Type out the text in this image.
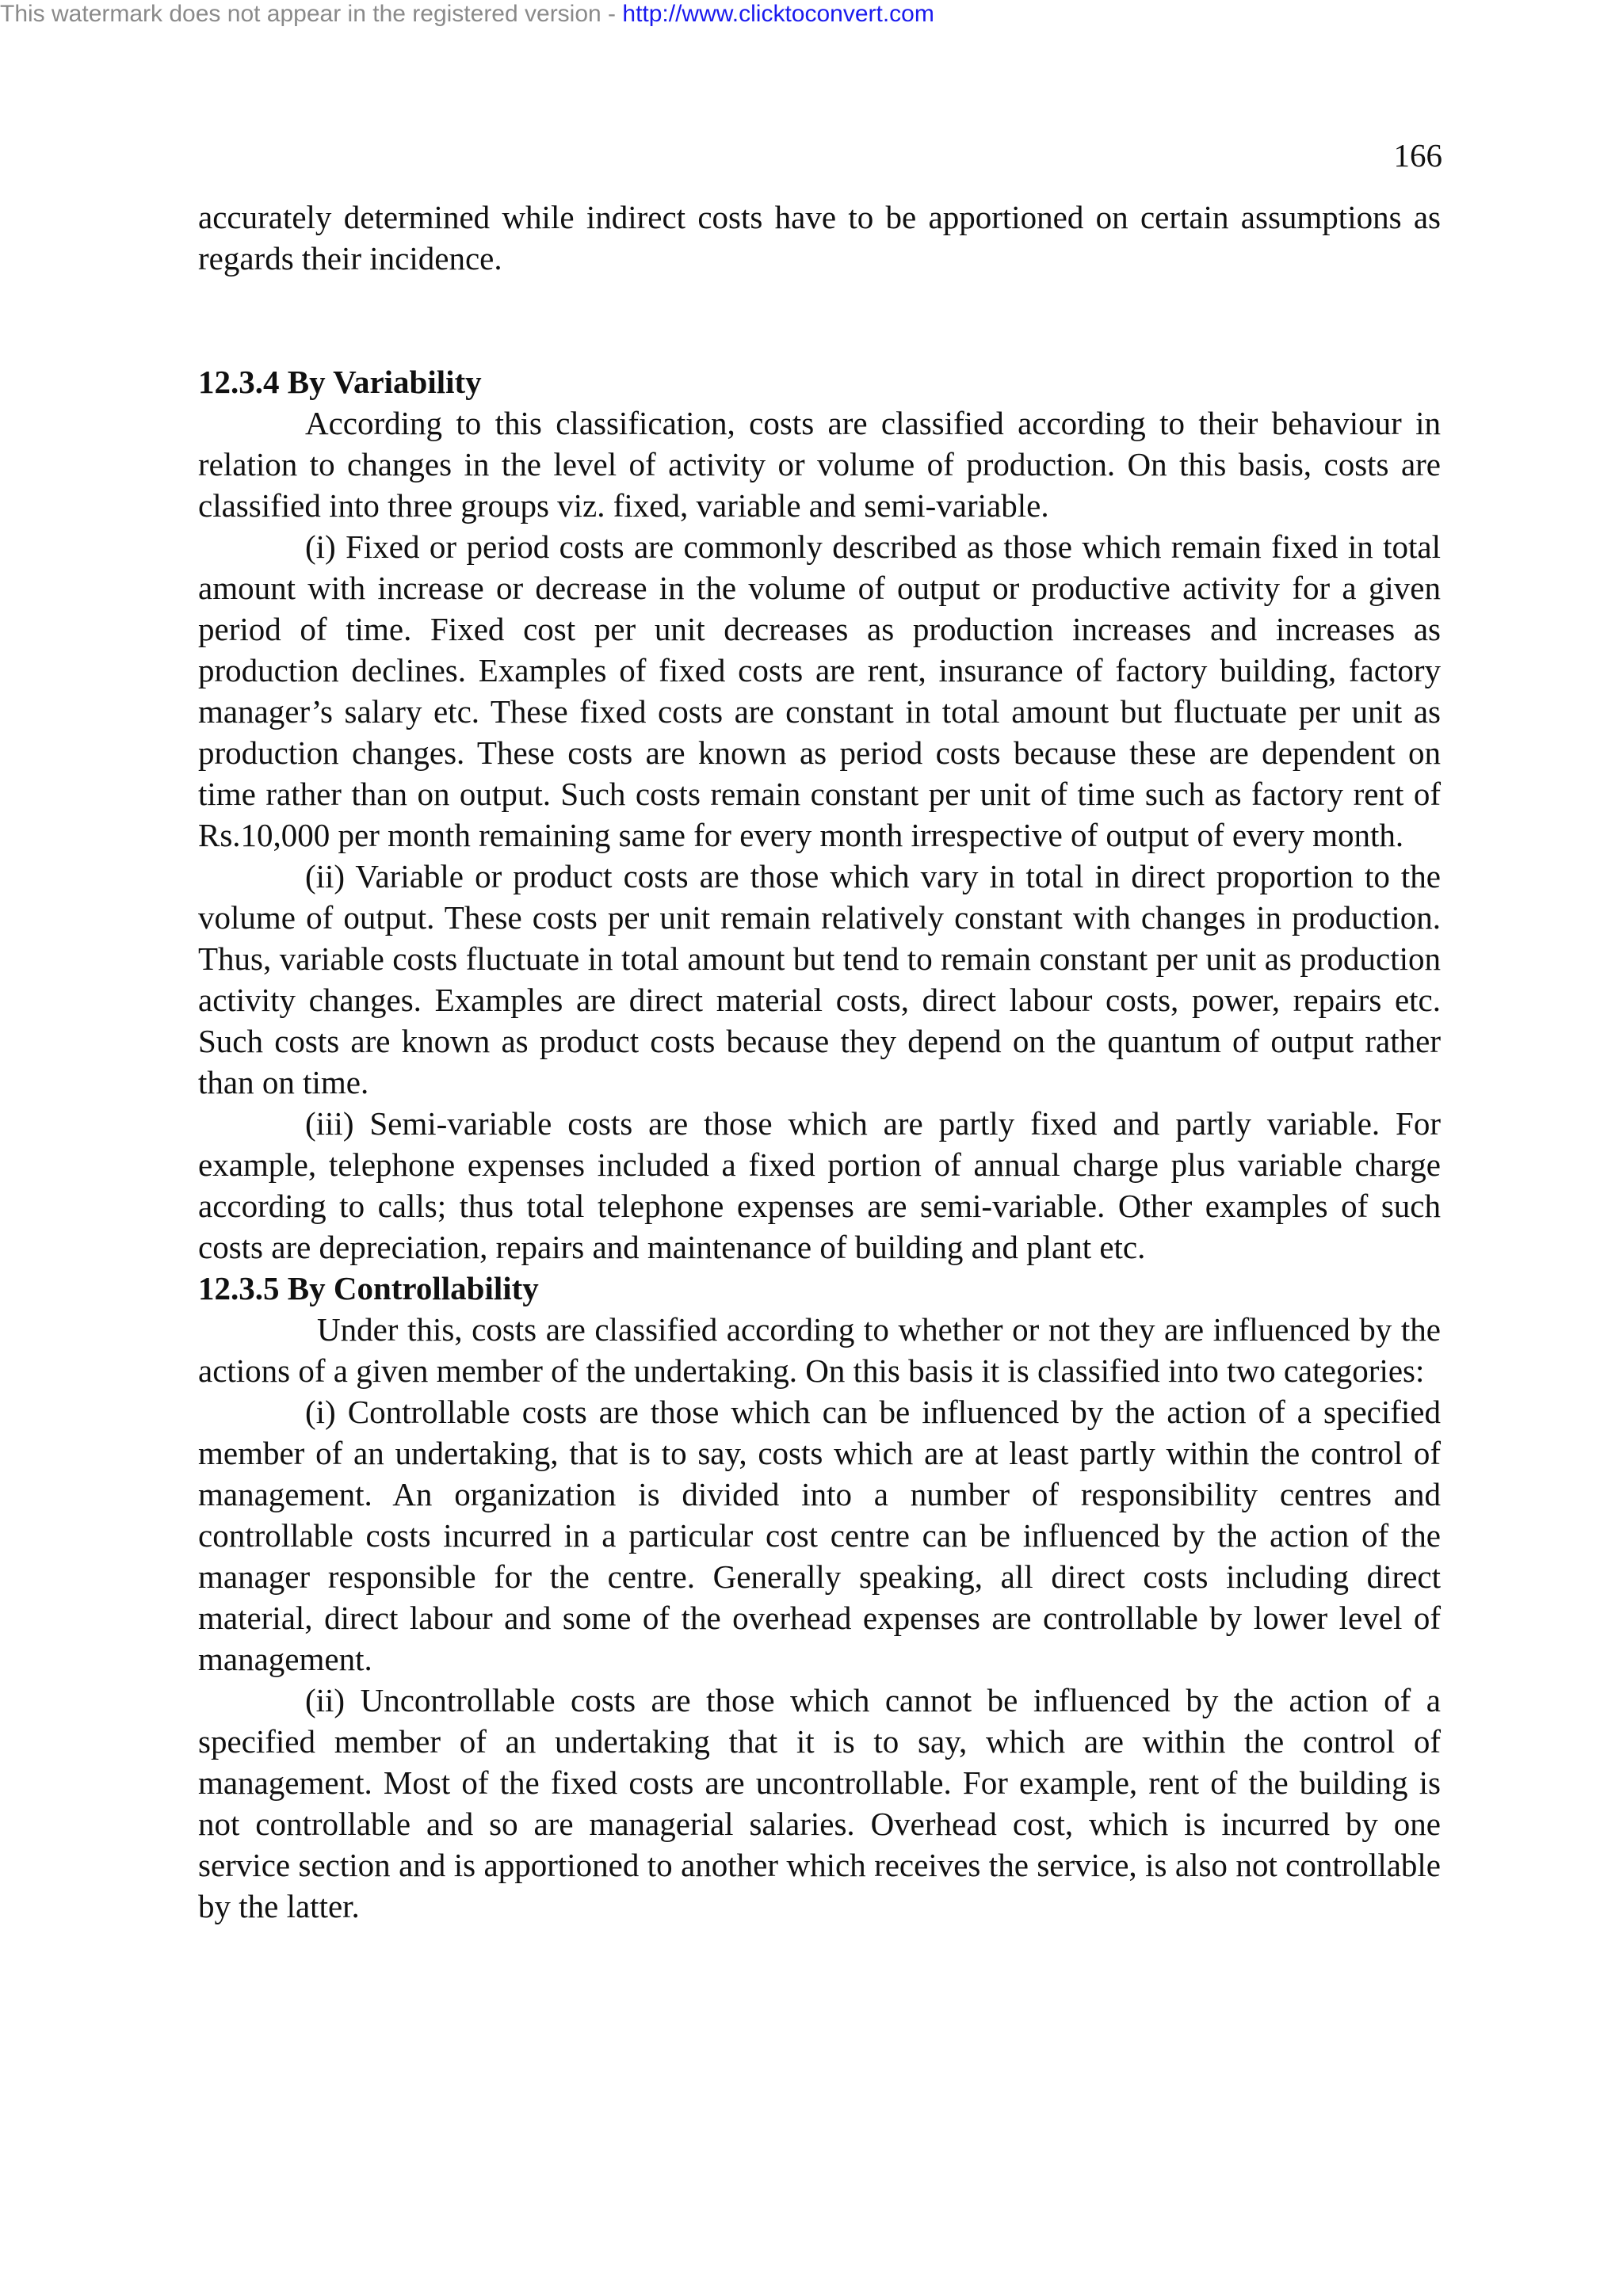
This watermark does not appear in the registered version - http://www.clicktoconvert.com
166

accurately determined while indirect costs have to be apportioned on certain assumptions as regards their incidence.

12.3.4 By Variability

According to this classification, costs are classified according to their behaviour in relation to changes in the level of activity or volume of production. On this basis, costs are classified into three groups viz. fixed, variable and semi-variable.

(i) Fixed or period costs are commonly described as those which remain fixed in total amount with increase or decrease in the volume of output or productive activity for a given period of time. Fixed cost per unit decreases as production increases and increases as production declines. Examples of fixed costs are rent, insurance of factory building, factory manager’s salary etc. These fixed costs are constant in total amount but fluctuate per unit as production changes. These costs are known as period costs because these are dependent on time rather than on output. Such costs remain constant per unit of time such as factory rent of Rs.10,000 per month remaining same for every month irrespective of output of every month.

(ii) Variable or product costs are those which vary in total in direct proportion to the volume of output. These costs per unit remain relatively constant with changes in production. Thus, variable costs fluctuate in total amount but tend to remain constant per unit as production activity changes. Examples are direct material costs, direct labour costs, power, repairs etc. Such costs are known as product costs because they depend on the quantum of output rather than on time.

(iii) Semi-variable costs are those which are partly fixed and partly variable. For example, telephone expenses included a fixed portion of annual charge plus variable charge according to calls; thus total telephone expenses are semi-variable. Other examples of such costs are depreciation, repairs and maintenance of building and plant etc.

12.3.5 By Controllability

Under this, costs are classified according to whether or not they are influenced by the actions of a given member of the undertaking. On this basis it is classified into two categories:

(i) Controllable costs are those which can be influenced by the action of a specified member of an undertaking, that is to say, costs which are at least partly within the control of management. An organization is divided into a number of responsibility centres and controllable costs incurred in a particular cost centre can be influenced by the action of the manager responsible for the centre. Generally speaking, all direct costs including direct material, direct labour and some of the overhead expenses are controllable by lower level of management.

(ii) Uncontrollable costs are those which cannot be influenced by the action of a specified member of an undertaking that it is to say, which are within the control of management. Most of the fixed costs are uncontrollable. For example, rent of the building is not controllable and so are managerial salaries. Overhead cost, which is incurred by one service section and is apportioned to another which receives the service, is also not controllable by the latter.
